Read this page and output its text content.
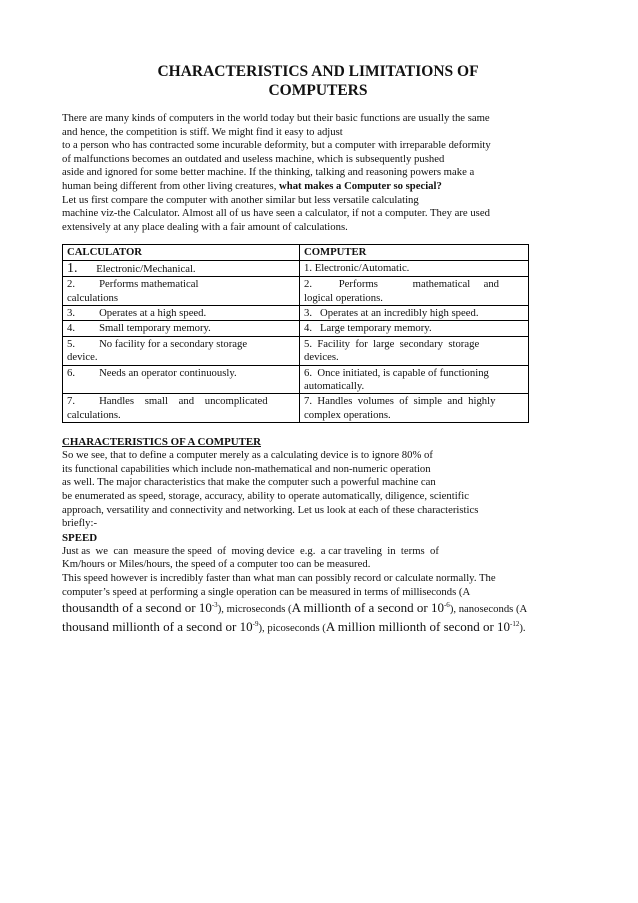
CHARACTERISTICS AND LIMITATIONS OF
COMPUTERS
There are many kinds of computers in the world today but their basic functions are usually the same
and hence, the competition is stiff. We might find it easy to adjust
to a person who has contracted some incurable deformity, but a computer with irreparable deformity
of malfunctions becomes an outdated and useless machine, which is subsequently pushed
aside and ignored for some better machine. If the thinking, talking and reasoning powers make a
human being different from other living creatures, what makes a Computer so special?
Let us first compare the computer with another similar but less versatile calculating
machine viz-the Calculator. Almost all of us have seen a calculator, if not a computer. They are used
extensively at any place dealing with a fair amount of calculations.
CALCULATOR	COMPUTER
1. Electronic/Mechanical.	1. Electronic/Automatic.
2. Performs mathematical
calculations	2.          Performs             mathematical     and
logical operations.
3. Operates at a high speed.	3.   Operates at an incredibly high speed.
4. Small temporary memory.	4.   Large temporary memory.
5. No facility for a secondary storage
device.	5.  Facility  for  large  secondary  storage
devices.
6. Needs an operator continuously.	6.  Once initiated, is capable of functioning
automatically.
7. Handles    small    and    uncomplicated
calculations.	7.  Handles  volumes  of  simple  and  highly
complex operations.
CHARACTERISTICS OF A COMPUTER
So we see, that to define a computer merely as a calculating device is to ignore 80% of
its functional capabilities which include non-mathematical and non-numeric operation
as well. The major characteristics that make the computer such a powerful machine can
be enumerated as speed, storage, accuracy, ability to operate automatically, diligence, scientific
approach, versatility and connectivity and networking. Let us look at each of these characteristics
briefly:-
SPEED
Just as  we  can  measure the speed  of  moving device  e.g.  a car traveling  in  terms  of
Km/hours or Miles/hours, the speed of a computer too can be measured.
This speed however is incredibly faster than what man can possibly record or calculate normally. The
computer’s speed at performing a single operation can be measured in terms of milliseconds (A
thousandth of a second or $10^{-3}$), microseconds (A millionth of a second or $10^{-6}$), nanoseconds (A
thousand millionth of a second or $10^{-9}$), picoseconds (A million millionth of second or $10^{-12}$).
